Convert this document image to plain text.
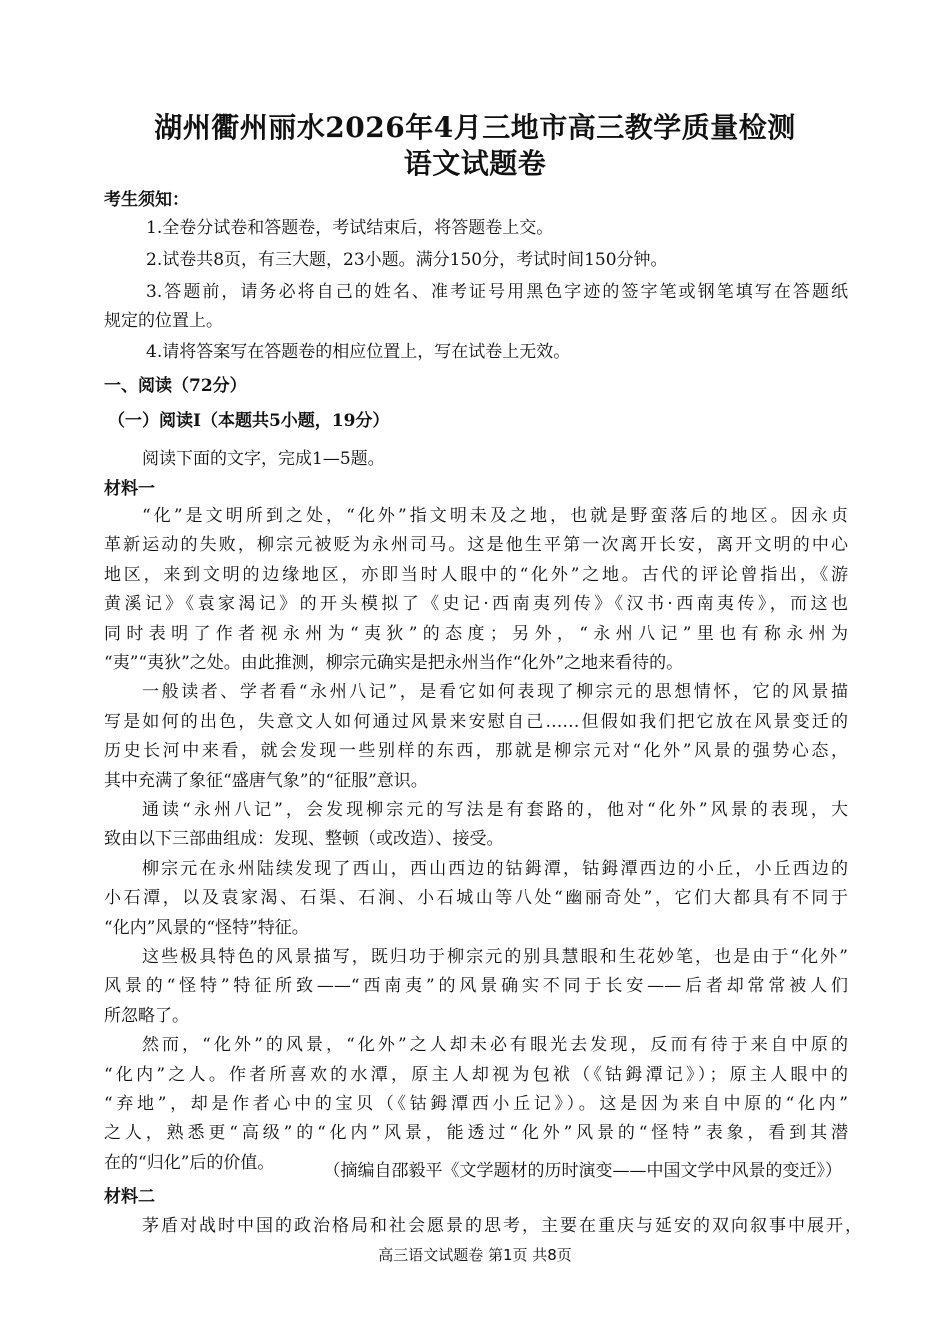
湖州衢州丽水2026年4月三地市高三教学质量检测
语文试题卷
考生须知：
1.全卷分试卷和答题卷，考试结束后，将答题卷上交。
2.试卷共8页，有三大题，23小题。满分150分，考试时间150分钟。
3.答题前，请务必将自己的姓名、准考证号用黑色字迹的签字笔或钢笔填写在答题纸
规定的位置上。
4.请将答案写在答题卷的相应位置上，写在试卷上无效。
一、阅读（72分）
（一）阅读I（本题共5小题，19分）
阅读下面的文字，完成1—5题。
材料一
“化”是文明所到之处，“化外”指文明未及之地，也就是野蛮落后的地区。因永贞
革新运动的失败，柳宗元被贬为永州司马。这是他生平第一次离开长安，离开文明的中心
地区，来到文明的边缘地区，亦即当时人眼中的“化外”之地。古代的评论曾指出，《游
黄溪记》《袁家渴记》的开头模拟了《史记·西南夷列传》《汉书·西南夷传》，而这也
同时表明了作者视永州为“夷狄”的态度；另外，“永州八记”里也有称永州为
“夷”“夷狄”之处。由此推测，柳宗元确实是把永州当作“化外”之地来看待的。
一般读者、学者看“永州八记”，是看它如何表现了柳宗元的思想情怀，它的风景描
写是如何的出色，失意文人如何通过风景来安慰自己……但假如我们把它放在风景变迁的
历史长河中来看，就会发现一些别样的东西，那就是柳宗元对“化外”风景的强势心态，
其中充满了象征“盛唐气象”的“征服”意识。
通读“永州八记”，会发现柳宗元的写法是有套路的，他对“化外”风景的表现，大
致由以下三部曲组成：发现、整顿（或改造）、接受。
柳宗元在永州陆续发现了西山，西山西边的钴鉧潭，钴鉧潭西边的小丘，小丘西边的
小石潭，以及袁家渴、石渠、石涧、小石城山等八处“幽丽奇处”，它们大都具有不同于
“化内”风景的“怪特”特征。
这些极具特色的风景描写，既归功于柳宗元的别具慧眼和生花妙笔，也是由于“化外”
风景的“怪特”特征所致——“西南夷”的风景确实不同于长安——后者却常常被人们
所忽略了。
然而，“化外”的风景，“化外”之人却未必有眼光去发现，反而有待于来自中原的
“化内”之人。作者所喜欢的水潭，原主人却视为包袱（《钴鉧潭记》）；原主人眼中的
“弃地”，却是作者心中的宝贝（《钴鉧潭西小丘记》）。这是因为来自中原的“化内”
之人，熟悉更“高级”的“化内”风景，能透过“化外”风景的“怪特”表象，看到其潜
在的“归化”后的价值。	（摘编自邵毅平《文学题材的历时演变——中国文学中风景的变迁》）
材料二
茅盾对战时中国的政治格局和社会愿景的思考，主要在重庆与延安的双向叙事中展开，
高三语文试题卷 第1页 共8页
